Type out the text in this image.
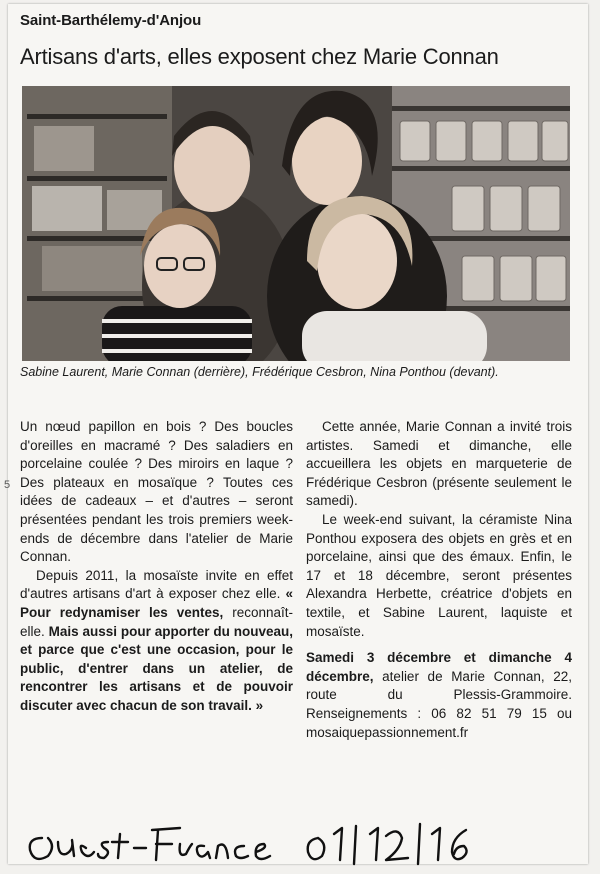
Saint-Barthélemy-d'Anjou
Artisans d'arts, elles exposent chez Marie Connan
Sabine Laurent, Marie Connan (derrière), Frédérique Cesbron, Nina Ponthou (devant).
5

Un nœud papillon en bois ? Des boucles d'oreilles en macramé ? Des saladiers en porcelaine coulée ? Des miroirs en laque ? Des plateaux en mosaïque ? Toutes ces idées de cadeaux – et d'autres – seront présentées pendant les trois premiers week-ends de décembre dans l'atelier de Marie Connan.

Depuis 2011, la mosaïste invite en effet d'autres artisans d'art à exposer chez elle. « Pour redynamiser les ventes, reconnaît-elle. Mais aussi pour apporter du nouveau, et parce que c'est une occasion, pour le public, d'entrer dans un atelier, de rencontrer les artisans et de pouvoir discuter avec chacun de son travail. »

Cette année, Marie Connan a invité trois artistes. Samedi et dimanche, elle accueillera les objets en marqueterie de Frédérique Cesbron (présente seulement le samedi).

Le week-end suivant, la céramiste Nina Ponthou exposera des objets en grès et en porcelaine, ainsi que des émaux. Enfin, le 17 et 18 décembre, seront présentes Alexandra Herbette, créatrice d'objets en textile, et Sabine Laurent, laquiste et mosaïste.

Samedi 3 décembre et dimanche 4 décembre, atelier de Marie Connan, 22, route du Plessis-Grammoire. Renseignements : 06 82 51 79 15 ou mosaiquepassionnement.fr

Ouest-France 01/12/16
